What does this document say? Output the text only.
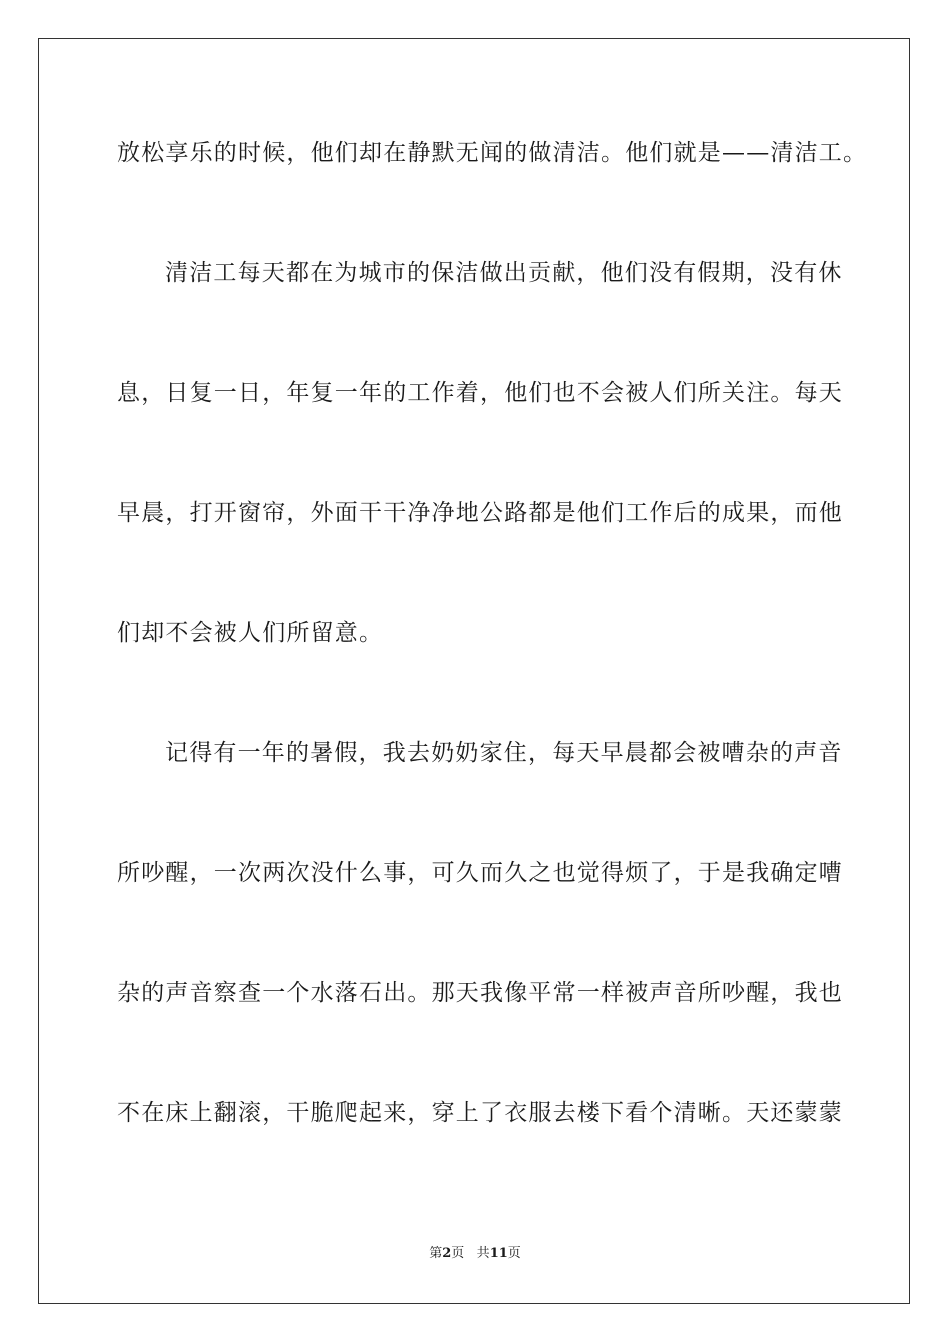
放松享乐的时候，他们却在静默无闻的做清洁。他们就是——清洁工。

清洁工每天都在为城市的保洁做出贡献，他们没有假期，没有休

息，日复一日，年复一年的工作着，他们也不会被人们所关注。每天

早晨，打开窗帘，外面干干净净地公路都是他们工作后的成果，而他

们却不会被人们所留意。

记得有一年的暑假，我去奶奶家住，每天早晨都会被嘈杂的声音

所吵醒，一次两次没什么事，可久而久之也觉得烦了，于是我确定嘈

杂的声音察查一个水落石出。那天我像平常一样被声音所吵醒，我也

不在床上翻滚，干脆爬起来，穿上了衣服去楼下看个清晰。天还蒙蒙

第2页 共11页
